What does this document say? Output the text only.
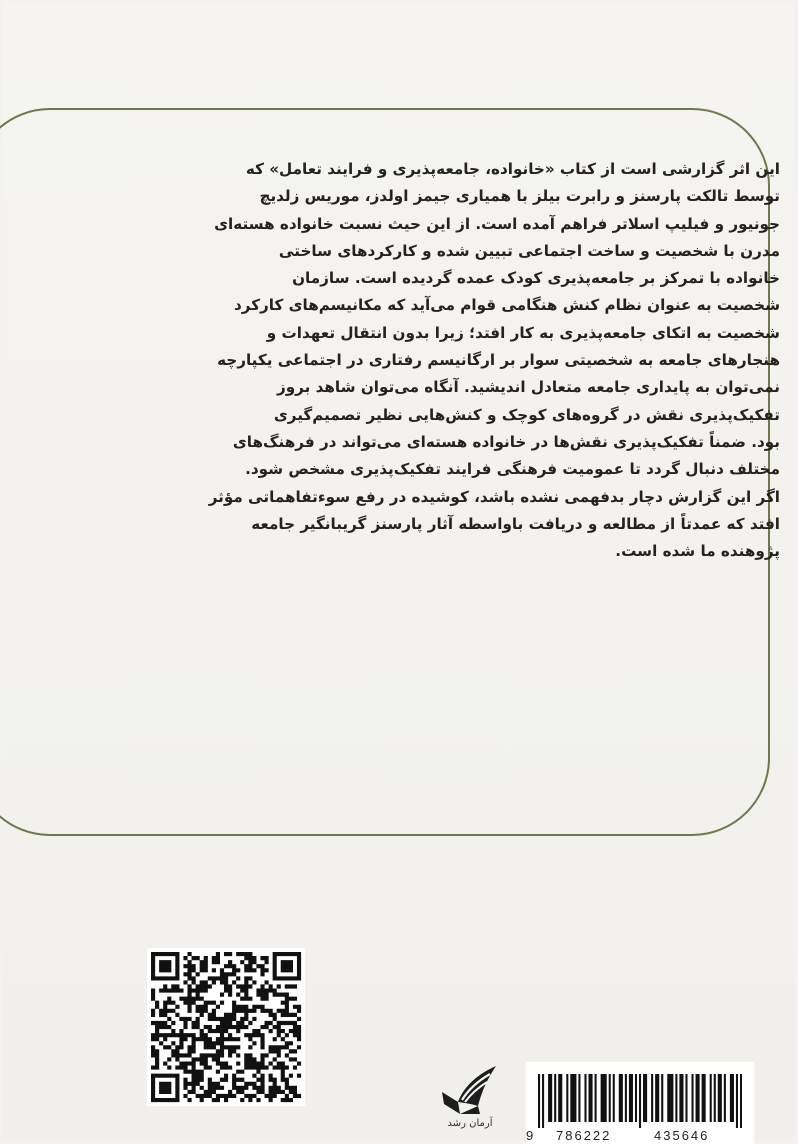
این اثر گزارشی است از کتاب «خانواده، جامعه‌پذیری و فرایند تعامل» که
توسط تالکت پارسنز و رابرت بیلز با همیاری جیمز اولدز، موریس زلدیچ
جونیور و فیلیپ اسلاتر فراهم آمده است. از این حیث نسبت خانواده هسته‌ای
مدرن با شخصیت و ساخت اجتماعی تبیین شده و کارکردهای ساختی
خانواده با تمرکز بر جامعه‌پذیری کودک عمده گردیده است. سازمان
شخصیت به عنوان نظام کنش هنگامی قوام می‌آید که مکانیسم‌های کارکرد
شخصیت به اتکای جامعه‌پذیری به کار افتد؛ زیرا بدون انتقال تعهدات و
هنجارهای جامعه به شخصیتی سوار بر ارگانیسم رفتاری در اجتماعی یکپارچه
نمی‌توان به پایداری جامعه متعادل اندیشید. آنگاه می‌توان شاهد بروز
تفکیک‌پذیری نقش در گروه‌های کوچک و کنش‌هایی نظیر تصمیم‌گیری
بود. ضمناً تفکیک‌پذیری نقش‌ها در خانواده هسته‌ای می‌تواند در فرهنگ‌های
مختلف دنبال گردد تا عمومیت فرهنگی فرایند تفکیک‌پذیری مشخص شود.
اگر این گزارش دچار بدفهمی نشده باشد، کوشیده در رفع سوءتفاهماتی مؤثر
افتد که عمدتاً از مطالعه و دریافت باواسطه آثار پارسنز گریبانگیر جامعه
پژوهنده ما شده است.
آرمان رشد
9 786222	435646
